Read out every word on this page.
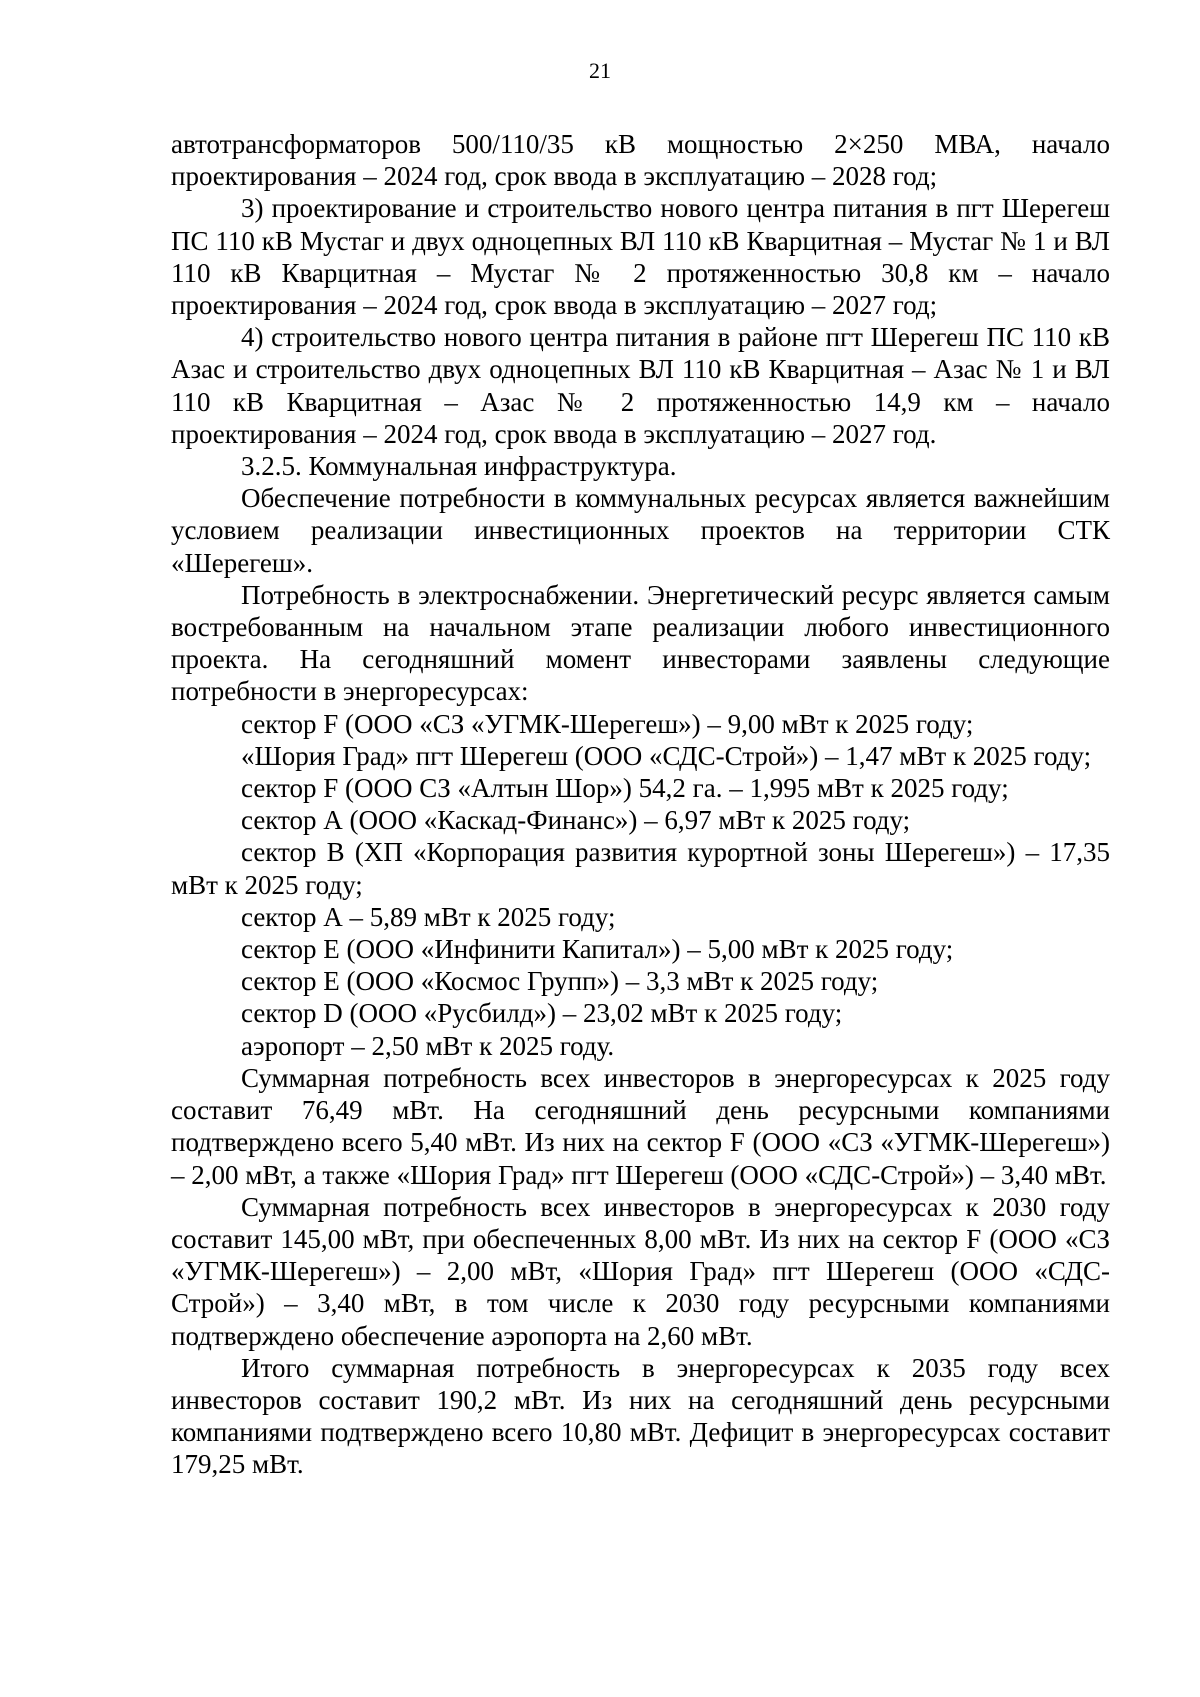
21

автотрансформаторов 500/110/35 кВ мощностью 2×250 МВА, начало проектирования – 2024 год, срок ввода в эксплуатацию – 2028 год;

3) проектирование и строительство нового центра питания в пгт Шерегеш ПС 110 кВ Мустаг и двух одноцепных ВЛ 110 кВ Кварцитная – Мустаг № 1 и ВЛ 110 кВ Кварцитная – Мустаг № 2 протяженностью 30,8 км – начало проектирования – 2024 год, срок ввода в эксплуатацию – 2027 год;

4) строительство нового центра питания в районе пгт Шерегеш ПС 110 кВ Азас и строительство двух одноцепных ВЛ 110 кВ Кварцитная – Азас № 1 и ВЛ 110 кВ Кварцитная – Азас № 2 протяженностью 14,9 км – начало проектирования – 2024 год, срок ввода в эксплуатацию – 2027 год.

3.2.5. Коммунальная инфраструктура.

Обеспечение потребности в коммунальных ресурсах является важнейшим условием реализации инвестиционных проектов на территории СТК «Шерегеш».

Потребность в электроснабжении. Энергетический ресурс является самым востребованным на начальном этапе реализации любого инвестиционного проекта. На сегодняшний момент инвесторами заявлены следующие потребности в энергоресурсах:

сектор F (ООО «СЗ «УГМК-Шерегеш») – 9,00 мВт к 2025 году;

«Шория Град» пгт Шерегеш (ООО «СДС-Строй») – 1,47 мВт к 2025 году;

сектор F (ООО СЗ «Алтын Шор») 54,2 га. – 1,995 мВт к 2025 году;

сектор А (ООО «Каскад-Финанс») – 6,97 мВт к 2025 году;

сектор В (ХП «Корпорация развития курортной зоны Шерегеш») – 17,35 мВт к 2025 году;

сектор А – 5,89 мВт к 2025 году;

сектор Е (ООО «Инфинити Капитал») – 5,00 мВт к 2025 году;

сектор Е (ООО «Космос Групп») – 3,3 мВт к 2025 году;

сектор D (ООО «Русбилд») – 23,02 мВт к 2025 году;

аэропорт – 2,50 мВт к 2025 году.

Суммарная потребность всех инвесторов в энергоресурсах к 2025 году составит 76,49 мВт. На сегодняшний день ресурсными компаниями подтверждено всего 5,40 мВт. Из них на сектор F (ООО «СЗ «УГМК-Шерегеш») – 2,00 мВт, а также «Шория Град» пгт Шерегеш (ООО «СДС-Строй») – 3,40 мВт.

Суммарная потребность всех инвесторов в энергоресурсах к 2030 году составит 145,00 мВт, при обеспеченных 8,00 мВт. Из них на сектор F (ООО «СЗ «УГМК-Шерегеш») – 2,00 мВт, «Шория Град» пгт Шерегеш (ООО «СДС-Строй») – 3,40 мВт, в том числе к 2030 году ресурсными компаниями подтверждено обеспечение аэропорта на 2,60 мВт.

Итого суммарная потребность в энергоресурсах к 2035 году всех инвесторов составит 190,2 мВт. Из них на сегодняшний день ресурсными компаниями подтверждено всего 10,80 мВт. Дефицит в энергоресурсах составит 179,25 мВт.
